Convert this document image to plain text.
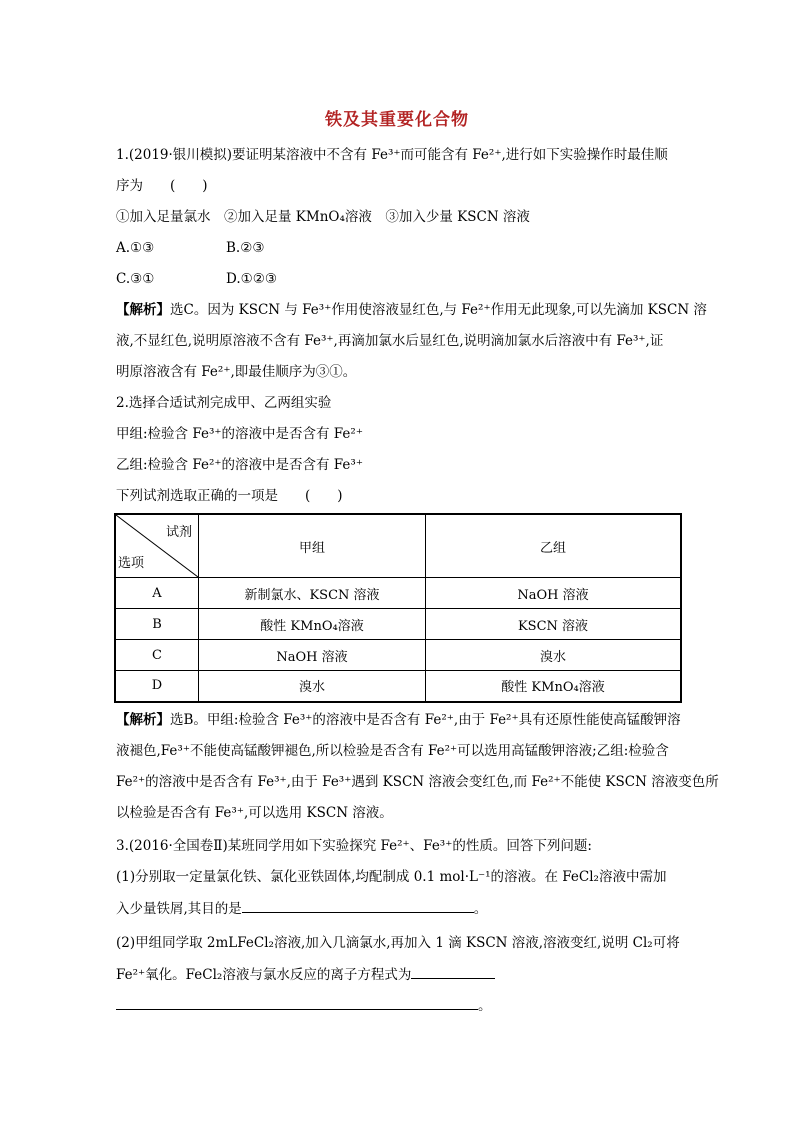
铁及其重要化合物
1.(2019·银川模拟)要证明某溶液中不含有 Fe³⁺而可能含有 Fe²⁺,进行如下实验操作时最佳顺
序为　　(　　)
①加入足量氯水　②加入足量 KMnO₄溶液　③加入少量 KSCN 溶液
A.①③	B.②③
C.③①	D.①②③
【解析】选C。因为 KSCN 与 Fe³⁺作用使溶液显红色,与 Fe²⁺作用无此现象,可以先滴加 KSCN 溶
液,不显红色,说明原溶液不含有 Fe³⁺,再滴加氯水后显红色,说明滴加氯水后溶液中有 Fe³⁺,证
明原溶液含有 Fe²⁺,即最佳顺序为③①。
2.选择合适试剂完成甲、乙两组实验
甲组:检验含 Fe³⁺的溶液中是否含有 Fe²⁺
乙组:检验含 Fe²⁺的溶液中是否含有 Fe³⁺
下列试剂选取正确的一项是　　(　　)
试剂
选项	甲组	乙组
A	新制氯水、KSCN 溶液	NaOH 溶液
B	酸性 KMnO₄溶液	KSCN 溶液
C	NaOH 溶液	溴水
D	溴水	酸性 KMnO₄溶液
【解析】选B。甲组:检验含 Fe³⁺的溶液中是否含有 Fe²⁺,由于 Fe²⁺具有还原性能使高锰酸钾溶
液褪色,Fe³⁺不能使高锰酸钾褪色,所以检验是否含有 Fe²⁺可以选用高锰酸钾溶液;乙组:检验含
Fe²⁺的溶液中是否含有 Fe³⁺,由于 Fe³⁺遇到 KSCN 溶液会变红色,而 Fe²⁺不能使 KSCN 溶液变色所
以检验是否含有 Fe³⁺,可以选用 KSCN 溶液。
3.(2016·全国卷Ⅱ)某班同学用如下实验探究 Fe²⁺、Fe³⁺的性质。回答下列问题:
(1)分别取一定量氯化铁、氯化亚铁固体,均配制成 0.1 mol·L⁻¹的溶液。在 FeCl₂溶液中需加
入少量铁屑,其目的是	。
(2)甲组同学取 2mLFeCl₂溶液,加入几滴氯水,再加入 1 滴 KSCN 溶液,溶液变红,说明 Cl₂可将
Fe²⁺氧化。FeCl₂溶液与氯水反应的离子方程式为
。
